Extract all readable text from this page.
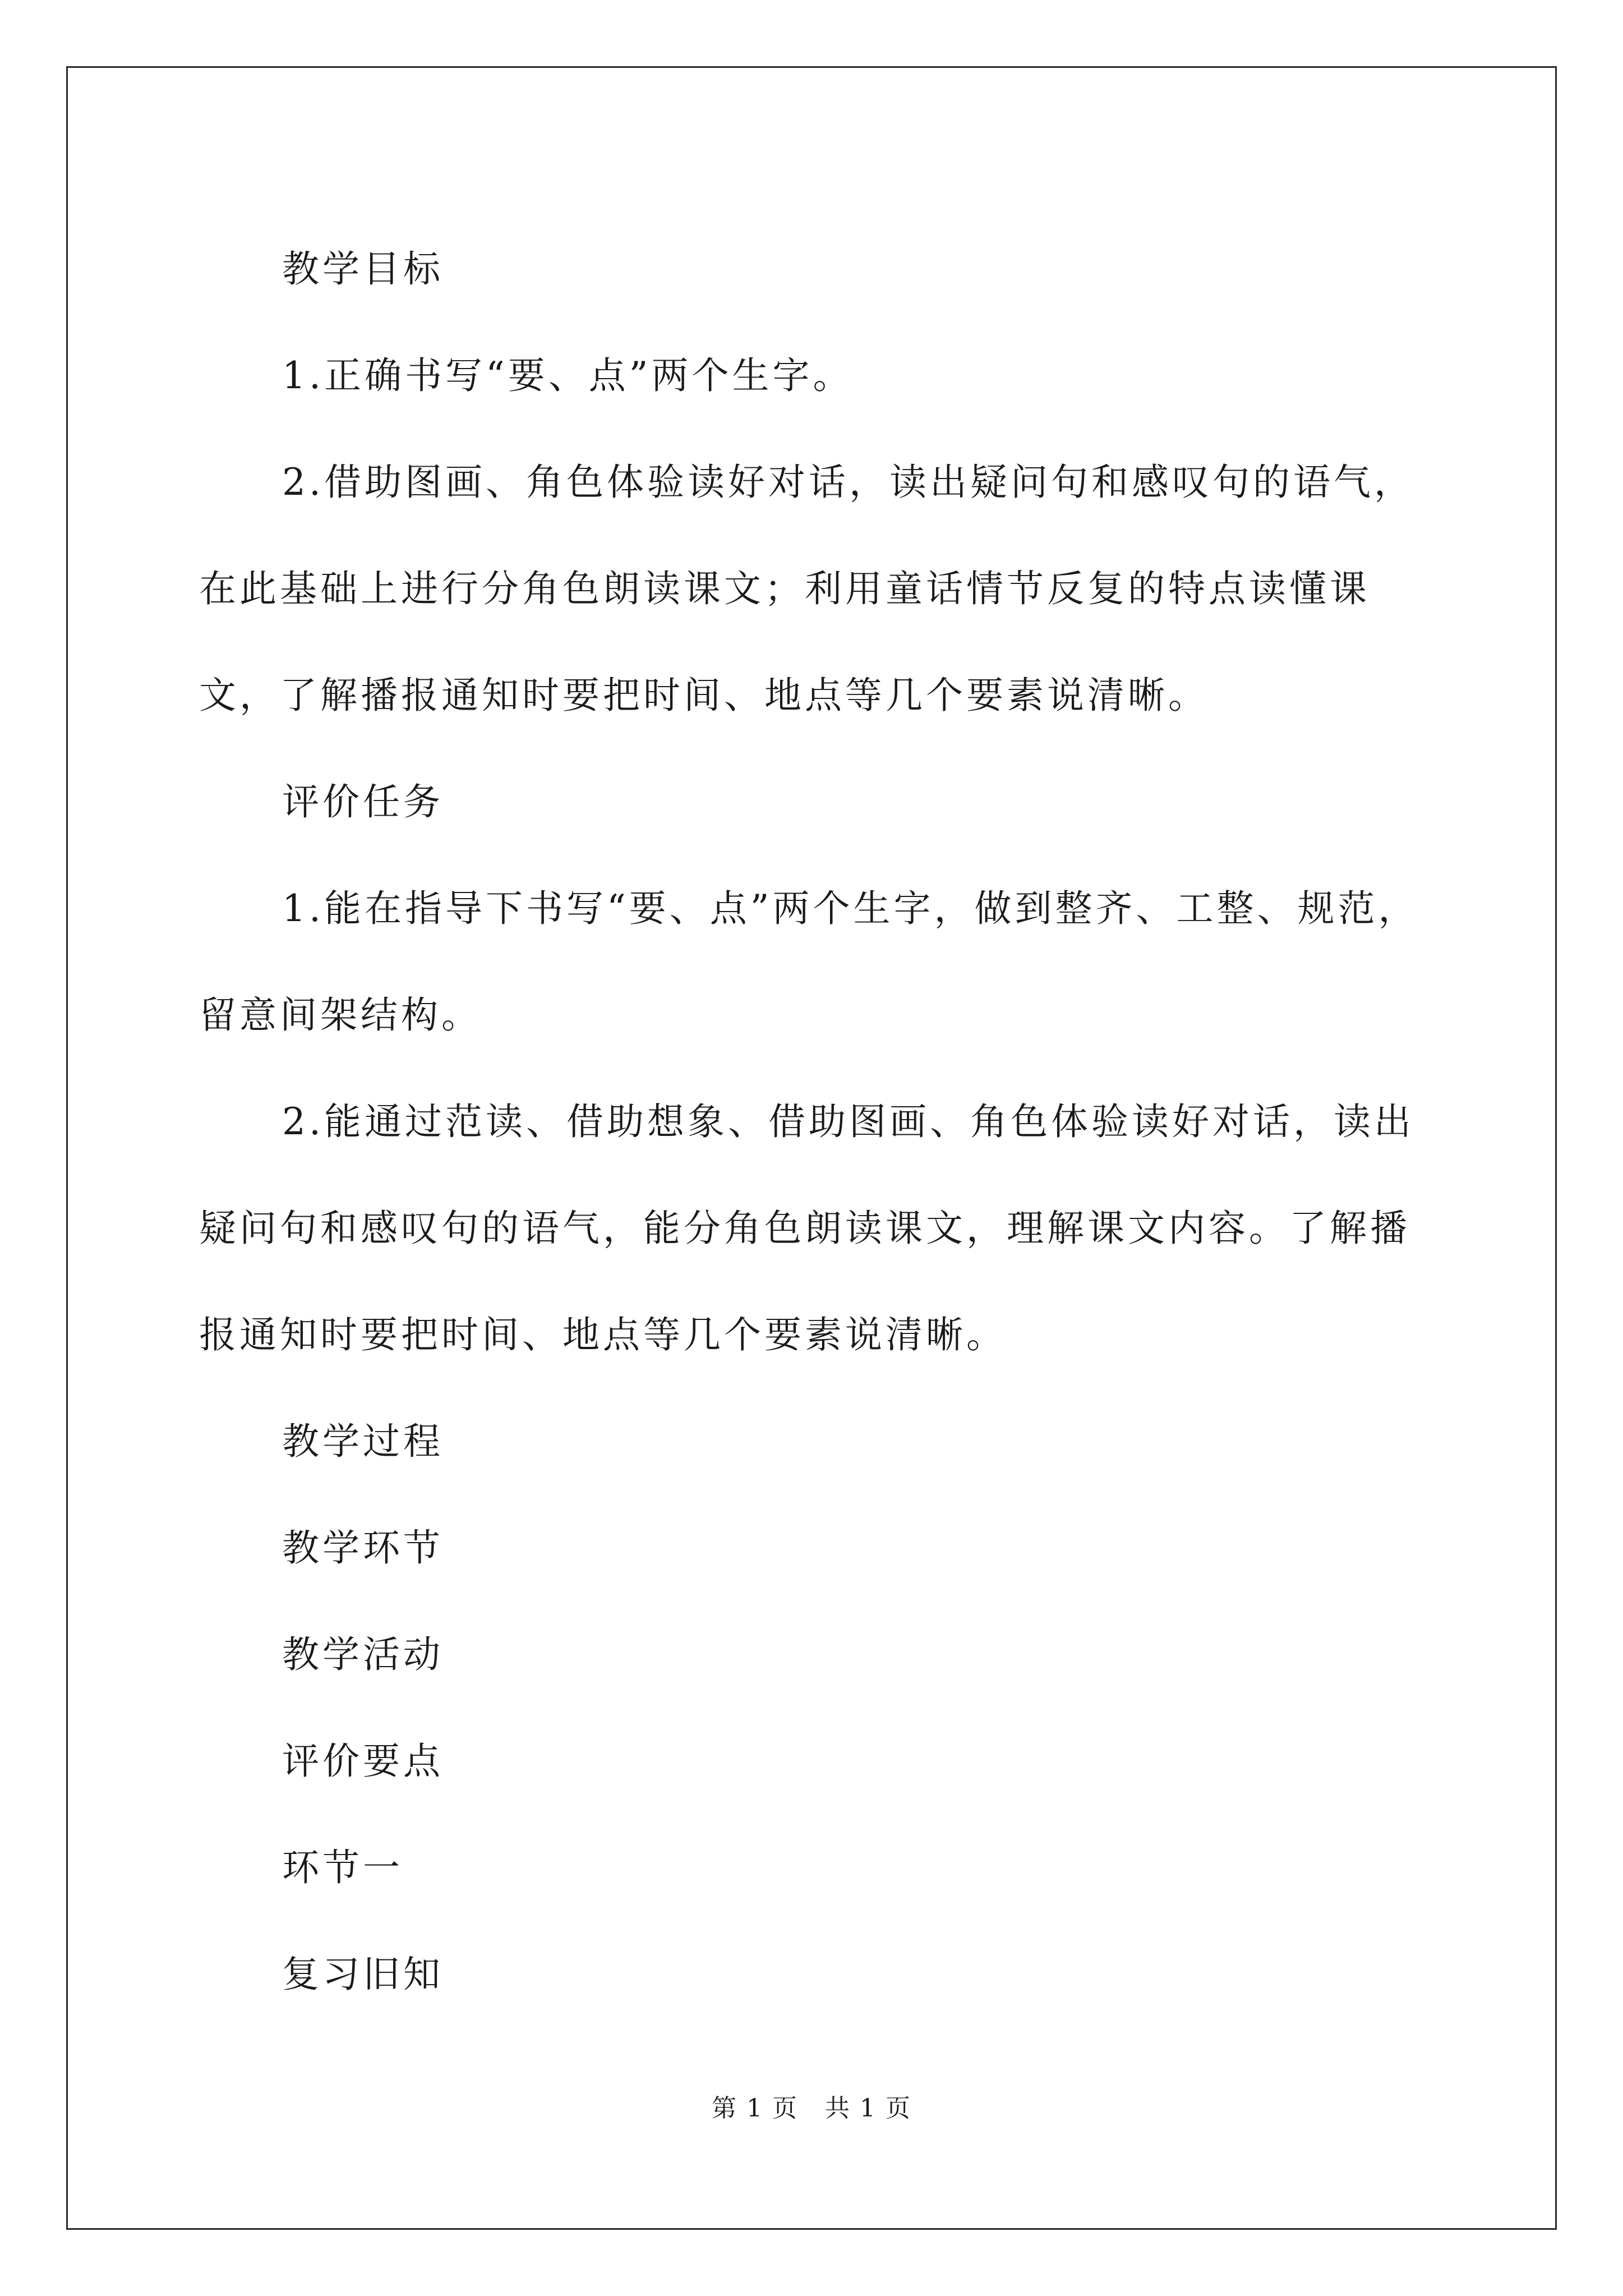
教学目标

1.正确书写“要、点”两个生字。

2.借助图画、角色体验读好对话，读出疑问句和感叹句的语气，在此基础上进行分角色朗读课文；利用童话情节反复的特点读懂课文，了解播报通知时要把时间、地点等几个要素说清晰。

评价任务

1.能在指导下书写“要、点”两个生字，做到整齐、工整、规范，留意间架结构。

2.能通过范读、借助想象、借助图画、角色体验读好对话，读出疑问句和感叹句的语气，能分角色朗读课文，理解课文内容。了解播报通知时要把时间、地点等几个要素说清晰。

教学过程

教学环节

教学活动

评价要点

环节一

复习旧知

第 1 页 共 1 页
